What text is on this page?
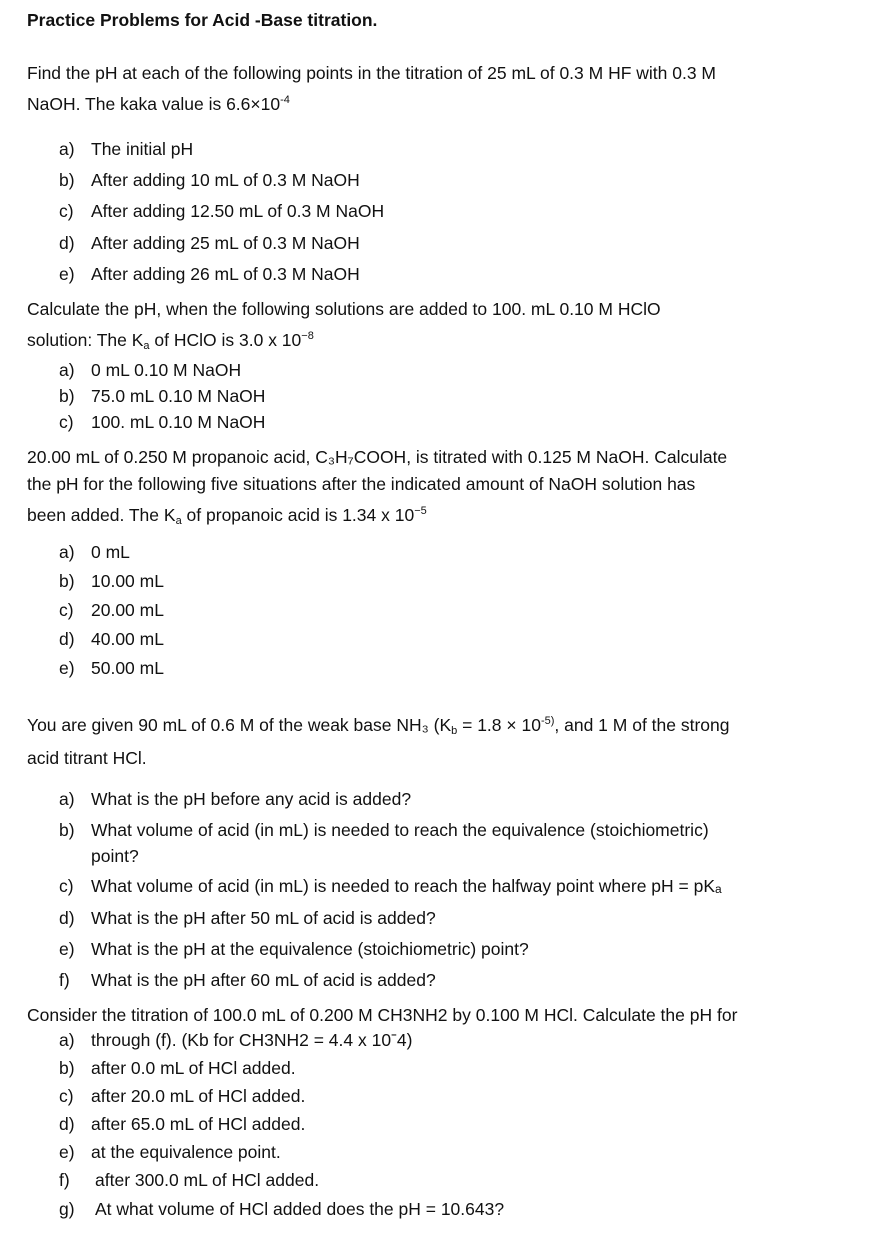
Practice Problems for Acid -Base titration.
Find the pH at each of the following points in the titration of 25 mL of 0.3 M HF with 0.3 M
NaOH. The kaka value is $6.6\times 10^{-4}$
a) The initial pH
b) After adding 10 mL of 0.3 M NaOH
c) After adding 12.50 mL of 0.3 M NaOH
d) After adding 25 mL of 0.3 M NaOH
e) After adding 26 mL of 0.3 M NaOH
Calculate the pH, when the following solutions are added to 100. mL 0.10 M HClO
solution: The $K_a$ of HClO is 3.0 x $10^{-8}$
a) 0 mL 0.10 M NaOH
b) 75.0 mL 0.10 M NaOH
c) 100. mL 0.10 M NaOH
20.00 mL of 0.250 M propanoic acid, C₃H₇COOH, is titrated with 0.125 M NaOH. Calculate
the pH for the following five situations after the indicated amount of NaOH solution has
been added. The $K_a$ of propanoic acid is 1.34 x $10^{-5}$
a) 0 mL
b) 10.00 mL
c) 20.00 mL
d) 40.00 mL
e) 50.00 mL
You are given 90 mL of 0.6 M of the weak base NH₃ ($K_b = 1.8 \times 10^{-5)}$, and 1 M of the strong
acid titrant HCl.
a) What is the pH before any acid is added?
b) What volume of acid (in mL) is needed to reach the equivalence (stoichiometric)
point?
c) What volume of acid (in mL) is needed to reach the halfway point where pH = pKₐ
d) What is the pH after 50 mL of acid is added?
e) What is the pH at the equivalence (stoichiometric) point?
f) What is the pH after 60 mL of acid is added?
Consider the titration of 100.0 mL of 0.200 M CH3NH2 by 0.100 M HCl. Calculate the pH for
a) through (f). (Kb for CH3NH2 = 4.4 x 10ˉ4)
b) after 0.0 mL of HCl added.
c) after 20.0 mL of HCl added.
d) after 65.0 mL of HCl added.
e) at the equivalence point.
f) after 300.0 mL of HCl added.
g) At what volume of HCl added does the pH = 10.643?
